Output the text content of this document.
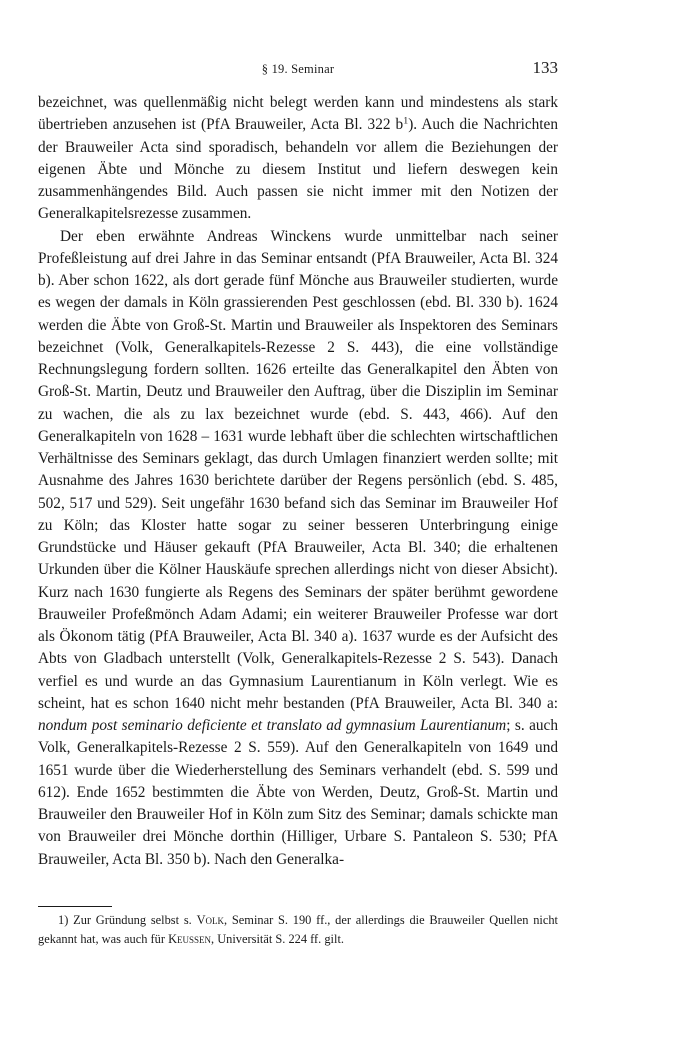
§ 19. Seminar	133

bezeichnet, was quellenmäßig nicht belegt werden kann und mindestens als stark übertrieben anzusehen ist (PfA Brauweiler, Acta Bl. 322 $b^1$). Auch die Nachrichten der Brauweiler Acta sind sporadisch, behandeln vor allem die Beziehungen der eigenen Äbte und Mönche zu diesem Institut und liefern deswegen kein zusammenhängendes Bild. Auch passen sie nicht immer mit den Notizen der Generalkapitelsrezesse zusammen.

Der eben erwähnte Andreas Winckens wurde unmittelbar nach seiner Profeßleistung auf drei Jahre in das Seminar entsandt (PfA Brauweiler, Acta Bl. 324 b). Aber schon 1622, als dort gerade fünf Mönche aus Brauweiler studierten, wurde es wegen der damals in Köln grassierenden Pest geschlossen (ebd. Bl. 330 b). 1624 werden die Äbte von Groß-St. Martin und Brauweiler als Inspektoren des Seminars bezeichnet (Volk, Generalkapitels-Rezesse 2 S. 443), die eine vollständige Rechnungslegung fordern sollten. 1626 erteilte das Generalkapitel den Äbten von Groß-St. Martin, Deutz und Brauweiler den Auftrag, über die Disziplin im Seminar zu wachen, die als zu lax bezeichnet wurde (ebd. S. 443, 466). Auf den Generalkapiteln von 1628 – 1631 wurde lebhaft über die schlechten wirtschaftlichen Verhältnisse des Seminars geklagt, das durch Umlagen finanziert werden sollte; mit Ausnahme des Jahres 1630 berichtete darüber der Regens persönlich (ebd. S. 485, 502, 517 und 529). Seit ungefähr 1630 befand sich das Seminar im Brauweiler Hof zu Köln; das Kloster hatte sogar zu seiner besseren Unterbringung einige Grundstücke und Häuser gekauft (PfA Brauweiler, Acta Bl. 340; die erhaltenen Urkunden über die Kölner Hauskäufe sprechen allerdings nicht von dieser Absicht). Kurz nach 1630 fungierte als Regens des Seminars der später berühmt gewordene Brauweiler Profeßmönch Adam Adami; ein weiterer Brauweiler Professe war dort als Ökonom tätig (PfA Brauweiler, Acta Bl. 340 a). 1637 wurde es der Aufsicht des Abts von Gladbach unterstellt (Volk, Generalkapitels-Rezesse 2 S. 543). Danach verfiel es und wurde an das Gymnasium Laurentianum in Köln verlegt. Wie es scheint, hat es schon 1640 nicht mehr bestanden (PfA Brauweiler, Acta Bl. 340 a: nondum post seminario deficiente et translato ad gymnasium Laurentianum; s. auch Volk, Generalkapitels-Rezesse 2 S. 559). Auf den Generalkapiteln von 1649 und 1651 wurde über die Wiederherstellung des Seminars verhandelt (ebd. S. 599 und 612). Ende 1652 bestimmten die Äbte von Werden, Deutz, Groß-St. Martin und Brauweiler den Brauweiler Hof in Köln zum Sitz des Seminar; damals schickte man von Brauweiler drei Mönche dorthin (Hilliger, Urbare S. Pantaleon S. 530; PfA Brauweiler, Acta Bl. 350 b). Nach den Generalka-

1) Zur Gründung selbst s. Volk, Seminar S. 190 ff., der allerdings die Brauweiler Quellen nicht gekannt hat, was auch für Keussen, Universität S. 224 ff. gilt.
